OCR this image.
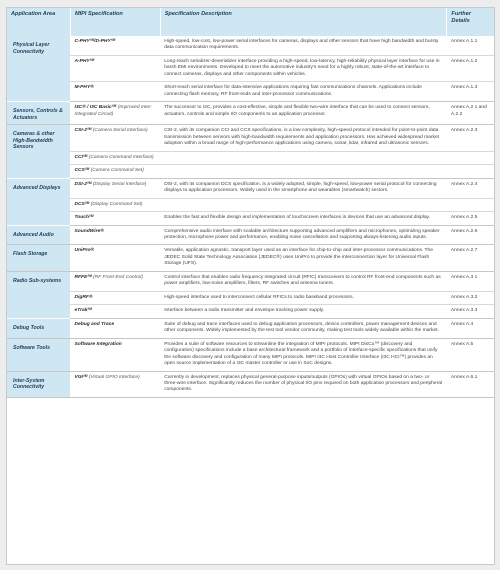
Application Area	MIPI Specification	Specification Description	Further Details
Physical Layer Connectivity	C-PHY²ᴹ/D-PHY²ᴹ	High-speed, low-cost, low-power serial interfaces for cameras, displays and other sensors that have high bandwidth and bursty data communication requirements.	Annex A.1.1
	A-PHY²ᴹ	Long-reach serializer-deserializer interface providing a high-speed, low-latency, high-reliability physical layer interface for use in harsh EMI environments. Developed to meet the automotive industry's need for a highly robust, state-of-the-art interface to connect cameras, displays and other components within vehicles.	Annex A.1.2
	M-PHY®	Short-reach serial interface for data-intensive applications requiring fast communications channels. Applications include connecting flash memory, RF front-ends and inter-processor communications.	Annex A.1.3
Sensors, Controls & Actuators	I3C® / I3C Basic²ᴹ (Improved Inter-Integrated Circuit)	The successor to I2C, provides a cost-effective, simple and flexible two-wire interface that can be used to connect sensors, actuators, controls and simple I/O components to an application processor.	Annex A.2.1 and A.2.2
Cameras & other High-Bandwidth Sensors	CSI-2²ᴹ (Camera Serial Interface)	CSI-2, with its companion CCI and CCS specifications, is a low-complexity, high-speed protocol intended for point-to-point data transmission between sensors with high-bandwidth requirements and application processors. Has achieved widespread market adoption within a broad range of high-performance applications using camera, sonar, lidar, infrared and ultrasonic sensors.	Annex A.2.3
	CCI²ᴹ (Camera Command Interface)		
	CCS²ᴹ (Camera Command Set)		
Advanced Displays	DSI-2²ᴹ (Display Serial Interface)	DSI-2, with its companion DCS specification, is a widely adopted, simple, high-speed, low-power serial protocol for connecting displays to application processors. Widely used in the smartphone and wearables (smartwatch) sectors.	Annex A.2.4
	DCS²ᴹ (Display Command Set)		
	Touch²ᴹ	Enables the fast and flexible design and implementation of touchscreen interfaces in devices that use an advanced display.	Annex A.2.5
Advanced Audio	SoundWire®	Comprehensive audio interface with scalable architecture supporting advanced amplifiers and microphones, optimizing speaker protection, microphone power and performance, enabling noise cancellation and supporting always-listening audio inputs.	Annex A.2.6
Flash Storage	UniPro®	Versatile, application agnostic, transport layer used as an interface for chip-to-chip and inter-processor communications. The JEDEC Solid State Technology Association (JEDEC®) uses UniPro to provide the interconnection layer for Universal Flash Storage (UFS).	Annex A.2.7
Radio Sub-systems	RFFE²ᴹ (RF Front-End Control)	Control interface that enables radio frequency integrated circuit (RFIC) transceivers to control RF front-end components such as power amplifiers, low-noise amplifiers, filters, RF switches and antenna tuners.	Annex A.3.1
	DigRF®	High-speed interface used to interconnect cellular RFICs to radio baseband processors.	Annex A.3.2
	eTrak²ᴹ	Interface between a radio transmitter and envelope tracking power supply.	Annex A.3.3
Debug Tools	Debug and Trace	Suite of debug and trace interfaces used to debug application processors, device controllers, power management devices and other components. Widely implemented by the test tool vendor community, making test tools widely available within the market.	Annex A.4
Software Tools	Software Integration	Provides a suite of software resources to streamline the integration of MIPI protocols. MIPI DisCo™ (discovery and configuration) specifications include a base architectural framework and a portfolio of interface-specific specifications that unify the software discovery and configuration of many MIPI protocols. MIPI I3C Host Controller Interface (I3C HCI™) provides an open source implementation of a I3C master controller or use in SoC designs.	Annex A.5
Inter-System Connectivity	VGI²ᴹ (Virtual GPIO Interface)	Currently in development, replaces physical general-purpose inputs/outputs (GPIOs) with virtual GPIOs based on a two- or three-wire interface. Significantly reduces the number of physical I/O pins required on both application processors and peripheral components.	Annex A.6.1
